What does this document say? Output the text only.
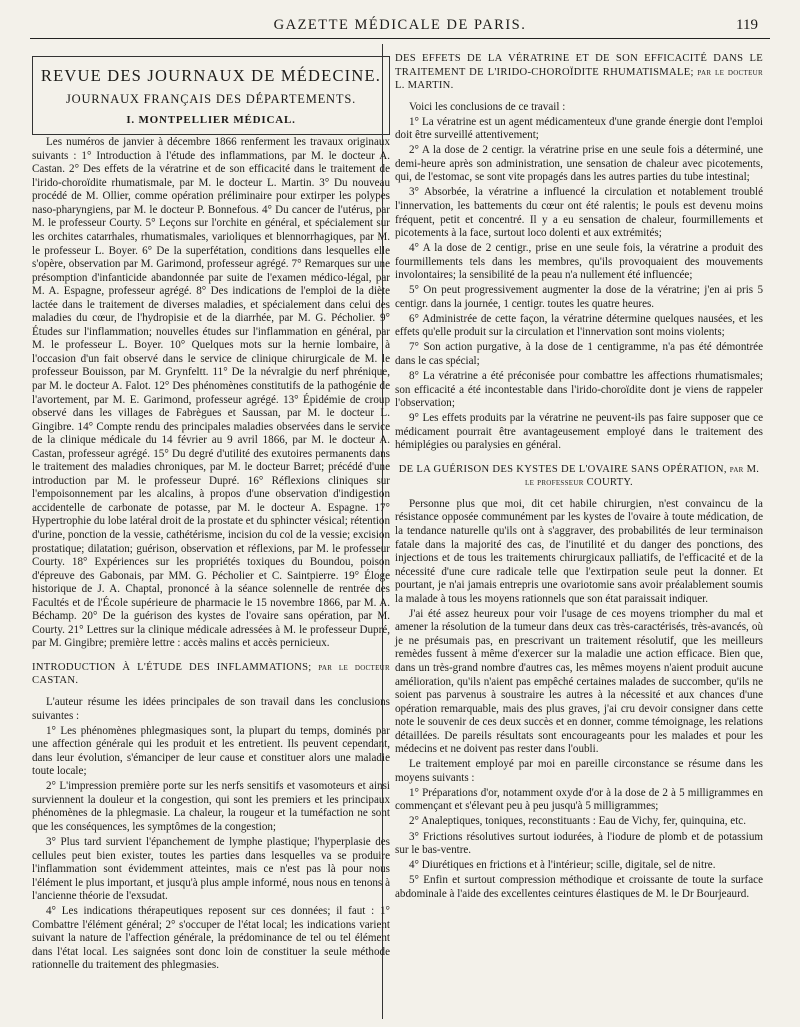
GAZETTE MÉDICALE DE PARIS.	119
REVUE DES JOURNAUX DE MÉDECINE.
JOURNAUX FRANÇAIS DES DÉPARTEMENTS.
I. MONTPELLIER MÉDICAL.

Les numéros de janvier à décembre 1866 renferment les travaux originaux suivants : 1° Introduction à l'étude des inflammations, par M. le docteur A. Castan. 2° Des effets de la vératrine et de son efficacité dans le traitement de l'irido-choroïdite rhumatismale, par M. le docteur L. Martin. 3° Du nouveau procédé de M. Ollier, comme opération préliminaire pour extirper les polypes naso-pharyngiens, par M. le docteur P. Bonnefous. 4° Du cancer de l'utérus, par M. le professeur Courty. 5° Leçons sur l'orchite en général, et spécialement sur les orchites catarrhales, rhumatismales, varioliques et blennorrhagiques, par M. le professeur L. Boyer. 6° De la superfétation, conditions dans lesquelles elle s'opère, observation par M. Garimond, professeur agrégé. 7° Remarques sur une présomption d'infanticide abandonnée par suite de l'examen médico-légal, par M. A. Espagne, professeur agrégé. 8° Des indications de l'emploi de la diète lactée dans le traitement de diverses maladies, et spécialement dans celui des maladies du cœur, de l'hydropisie et de la diarrhée, par M. G. Pécholier. 9° Études sur l'inflammation; nouvelles études sur l'inflammation en général, par M. le professeur L. Boyer. 10° Quelques mots sur la hernie lombaire, à l'occasion d'un fait observé dans le service de clinique chirurgicale de M. le professeur Bouisson, par M. Grynfeltt. 11° De la névralgie du nerf phrénique, par M. le docteur A. Falot. 12° Des phénomènes constitutifs de la pathogénie de l'avortement, par M. E. Garimond, professeur agrégé. 13° Épidémie de croup observé dans les villages de Fabrègues et Saussan, par M. le docteur L. Gingibre. 14° Compte rendu des principales maladies observées dans le service de la clinique médicale du 14 février au 9 avril 1866, par M. le docteur A. Castan, professeur agrégé. 15° Du degré d'utilité des exutoires permanents dans le traitement des maladies chroniques, par M. le docteur Barret; précédé d'une introduction par M. le professeur Dupré. 16° Réflexions cliniques sur l'empoisonnement par les alcalins, à propos d'une observation d'indigestion accidentelle de carbonate de potasse, par M. le docteur A. Espagne. 17° Hypertrophie du lobe latéral droit de la prostate et du sphincter vésical; rétention d'urine, ponction de la vessie, cathétérisme, incision du col de la vessie; excision prostatique; dilatation; guérison, observation et réflexions, par M. le professeur Courty. 18° Expériences sur les propriétés toxiques du Boundou, poison d'épreuve des Gabonais, par MM. G. Pécholier et C. Saintpierre. 19° Éloge historique de J. A. Chaptal, prononcé à la séance solennelle de rentrée des Facultés et de l'École supérieure de pharmacie le 15 novembre 1866, par M. A. Béchamp. 20° De la guérison des kystes de l'ovaire sans opération, par M. Courty. 21° Lettres sur la clinique médicale adressées à M. le professeur Dupré, par M. Gingibre; première lettre : accès malins et accès pernicieux.

INTRODUCTION À L'ÉTUDE DES INFLAMMATIONS; par le docteur CASTAN.

L'auteur résume les idées principales de son travail dans les conclusions suivantes :

1° Les phénomènes phlegmasiques sont, la plupart du temps, dominés par une affection générale qui les produit et les entretient. Ils peuvent cependant, dans leur évolution, s'émanciper de leur cause et constituer alors une maladie toute locale;

2° L'impression première porte sur les nerfs sensitifs et vasomoteurs et ainsi surviennent la douleur et la congestion, qui sont les premiers et les principaux phénomènes de la phlegmasie. La chaleur, la rougeur et la tuméfaction ne sont que les conséquences, les symptômes de la congestion;

3° Plus tard survient l'épanchement de lymphe plastique; l'hyperplasie des cellules peut bien exister, toutes les parties dans lesquelles va se produire l'inflammation sont évidemment atteintes, mais ce n'est pas là pour nous l'élément le plus important, et jusqu'à plus ample informé, nous nous en tenons à l'ancienne théorie de l'exsudat.

4° Les indications thérapeutiques reposent sur ces données; il faut : 1° Combattre l'élément général; 2° s'occuper de l'état local; les indications varient suivant la nature de l'affection générale, la prédominance de tel ou tel élément dans l'état local. Les saignées sont donc loin de constituer la seule méthode rationnelle du traitement des phlegmasies.

DES EFFETS DE LA VÉRATRINE ET DE SON EFFICACITÉ DANS LE TRAITEMENT DE L'IRIDO-CHOROÏDITE RHUMATISMALE; par le docteur L. MARTIN.

Voici les conclusions de ce travail :

1° La vératrine est un agent médicamenteux d'une grande énergie dont l'emploi doit être surveillé attentivement;

2° A la dose de 2 centigr. la vératrine prise en une seule fois a déterminé, une demi-heure après son administration, une sensation de chaleur avec picotements, qui, de l'estomac, se sont vite propagés dans les autres parties du tube intestinal;

3° Absorbée, la vératrine a influencé la circulation et notablement troublé l'innervation, les battements du cœur ont été ralentis; le pouls est devenu moins fréquent, petit et concentré. Il y a eu sensation de chaleur, fourmillements et picotements à la face, surtout loco dolenti et aux extrémités;

4° A la dose de 2 centigr., prise en une seule fois, la vératrine a produit des fourmillements tels dans les membres, qu'ils provoquaient des mouvements involontaires; la sensibilité de la peau n'a nullement été influencée;

5° On peut progressivement augmenter la dose de la vératrine; j'en ai pris 5 centigr. dans la journée, 1 centigr. toutes les quatre heures.

6° Administrée de cette façon, la vératrine détermine quelques nausées, et les effets qu'elle produit sur la circulation et l'innervation sont moins violents;

7° Son action purgative, à la dose de 1 centigramme, n'a pas été démontrée dans le cas spécial;

8° La vératrine a été préconisée pour combattre les affections rhumatismales; son efficacité a été incontestable dans l'irido-choroïdite dont je viens de rappeler l'observation;

9° Les effets produits par la vératrine ne peuvent-ils pas faire supposer que ce médicament pourrait être avantageusement employé dans le traitement des hémiplégies ou paralysies en général.

DE LA GUÉRISON DES KYSTES DE L'OVAIRE SANS OPÉRATION, par M. le professeur COURTY.

Personne plus que moi, dit cet habile chirurgien, n'est convaincu de la résistance opposée communément par les kystes de l'ovaire à toute médication, de la tendance naturelle qu'ils ont à s'aggraver, des probabilités de leur terminaison fatale dans la majorité des cas, de l'inutilité et du danger des ponctions, des injections et de tous les traitements chirurgicaux palliatifs, de l'efficacité et de la nécessité d'une cure radicale telle que l'extirpation seule peut la donner. Et pourtant, je n'ai jamais entrepris une ovariotomie sans avoir préalablement soumis la malade à tous les moyens rationnels que son état paraissait indiquer.

J'ai été assez heureux pour voir l'usage de ces moyens triompher du mal et amener la résolution de la tumeur dans deux cas très-caractérisés, très-avancés, où je ne présumais pas, en prescrivant un traitement résolutif, que les meilleurs remèdes fussent à même d'exercer sur la maladie une action efficace. Bien que, dans un très-grand nombre d'autres cas, les mêmes moyens n'aient produit aucune amélioration, qu'ils n'aient pas empêché certaines malades de succomber, qu'ils ne soient pas parvenus à soustraire les autres à la nécessité et aux chances d'une opération remarquable, mais des plus graves, j'ai cru devoir consigner dans cette note le souvenir de ces deux succès et en donner, comme témoignage, les relations détaillées. De pareils résultats sont encourageants pour les malades et pour les médecins et ne doivent pas rester dans l'oubli.

Le traitement employé par moi en pareille circonstance se résume dans les moyens suivants :

1° Préparations d'or, notamment oxyde d'or à la dose de 2 à 5 milligrammes en commençant et s'élevant peu à peu jusqu'à 5 milligrammes;

2° Analeptiques, toniques, reconstituants : Eau de Vichy, fer, quinquina, etc.

3° Frictions résolutives surtout iodurées, à l'iodure de plomb et de potassium sur le bas-ventre.

4° Diurétiques en frictions et à l'intérieur; scille, digitale, sel de nitre.

5° Enfin et surtout compression méthodique et croissante de toute la surface abdominale à l'aide des excellentes ceintures élastiques de M. le Dr Bourjeaurd.
